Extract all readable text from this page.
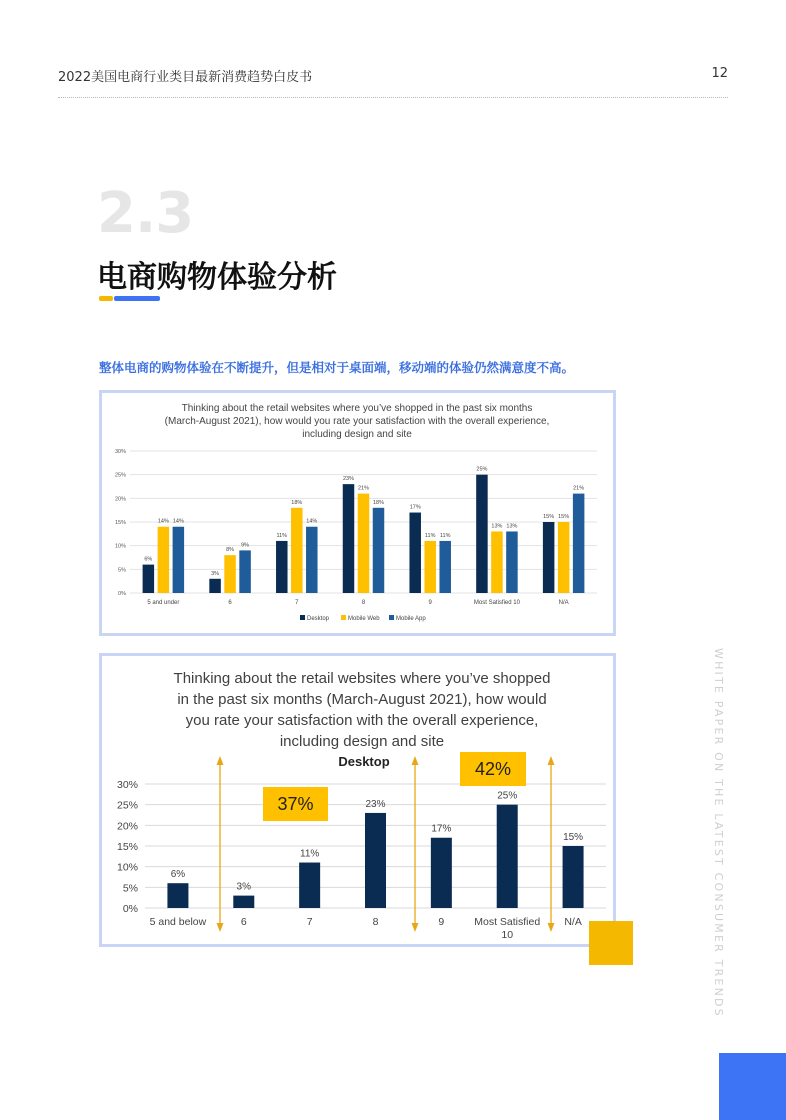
2022美国电商行业类目最新消费趋势白皮书	12
2.3
电商购物体验分析
整体电商的购物体验在不断提升，但是相对于桌面端，移动端的体验仍然满意度不高。
Thinking about the retail websites where you’ve shopped in the past six months
(March-August 2021), how would you rate your satisfaction with the overall experience,
including design and site
0%
5%
10%
15%
20%
25%
30%
6%
14% 14%
5 and under
3%
8%
9%
6
11%
18%
14%
7
23%
21%
18%
8
17%
11% 11%
9
25%
13% 13%
Most Satisfied 10
15% 15%
21%
N/A
Desktop	Mobile Web	Mobile App
Thinking about the retail websites where you’ve shopped
in the past six months (March-August 2021), how would
you rate your satisfaction with the overall experience,
including design and site
Desktop
0%
5%
10%
15%
20%
25%
30%
6%
5 and below
3%
6
11%
7
23%
8
17%
9
25%
Most Satisfied
10
15%
N/A
37%
42%	WHITE PAPER ON THE LATEST CONSUMER TRENDS
